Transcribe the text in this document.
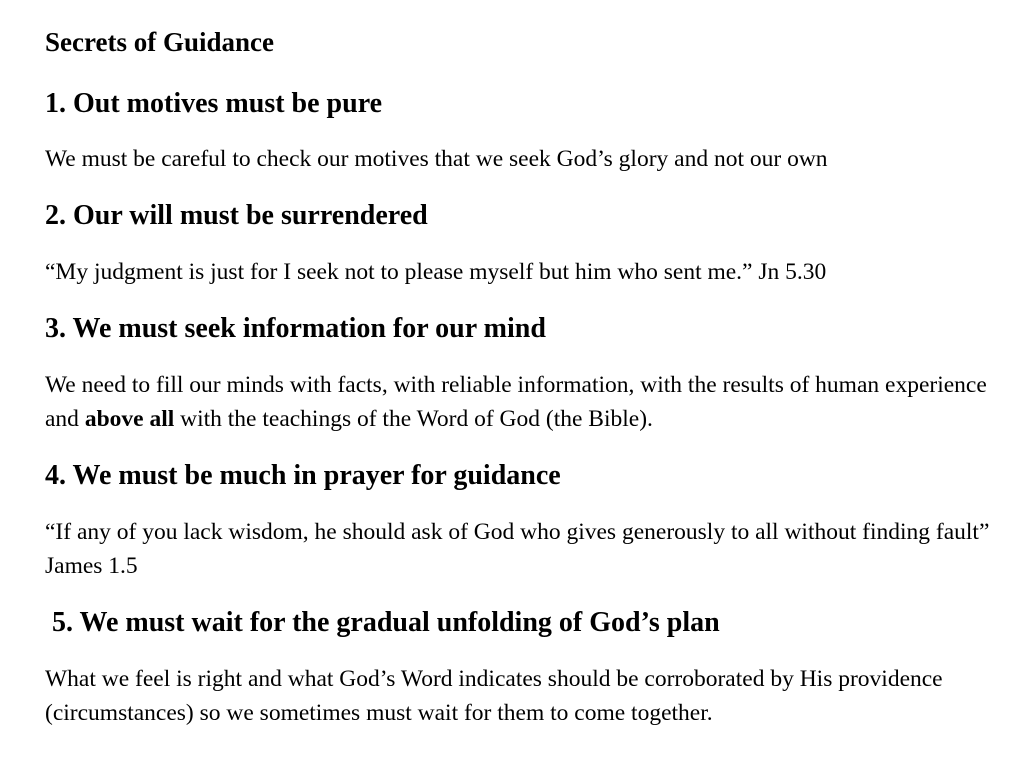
Secrets of Guidance
1. Out motives must be pure

We must be careful to check our motives that we seek God’s glory and not our own

2. Our will must be surrendered

“My judgment is just for I seek not to please myself but him who sent me.” Jn 5.30

3. We must seek information for our mind

We need to fill our minds with facts, with reliable information, with the results of human experience and above all with the teachings of the Word of God (the Bible).

4. We must be much in prayer for guidance

“If any of you lack wisdom, he should ask of God who gives generously to all without finding fault” James 1.5

5. We must wait for the gradual unfolding of God’s plan

What we feel is right and what God’s Word indicates should be corroborated by His providence (circumstances) so we sometimes must wait for them to come together.
